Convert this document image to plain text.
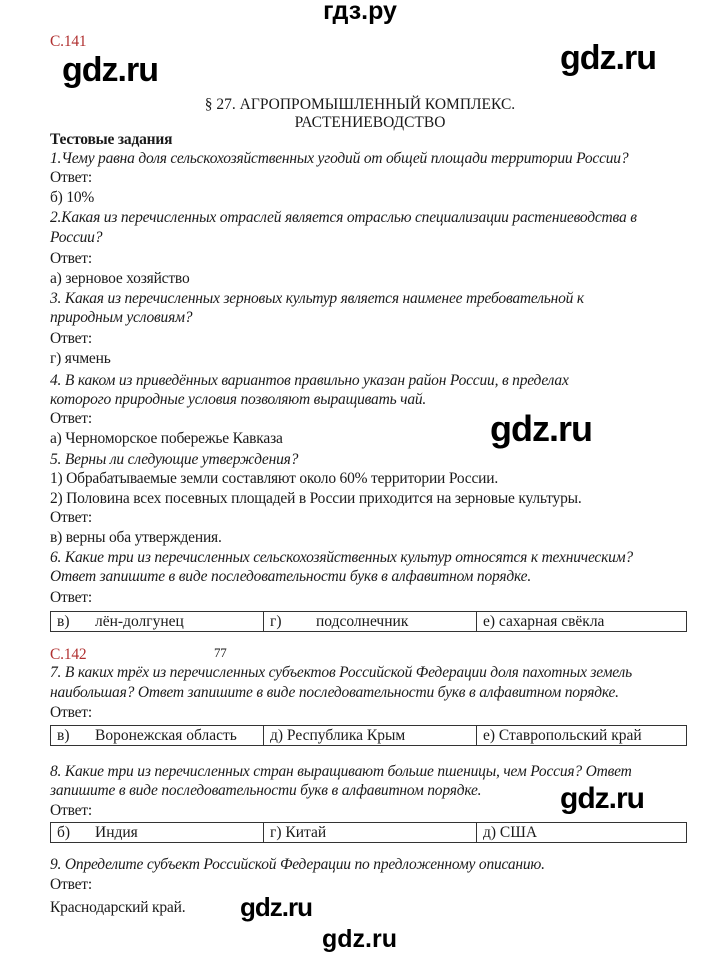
гдз.ру
С.141
§ 27. АГРОПРОМЫШЛЕННЫЙ КОМПЛЕКС.
РАСТЕНИЕВОДСТВО
Тестовые задания
1.Чему равна доля сельскохозяйственных угодий от общей площади территории России?
Ответ:
б) 10%
2.Какая из перечисленных отраслей является отраслью специализации растениеводства в
России?
Ответ:
а) зерновое хозяйство
3. Какая из перечисленных зерновых культур является наименее требовательной к
природным условиям?
Ответ:
г) ячмень
4. В каком из приведённых вариантов правильно указан район России, в пределах
которого природные условия позволяют выращивать чай.
Ответ:
а) Черноморское побережье Кавказа
5. Верны ли следующие утверждения?
1) Обрабатываемые земли составляют около 60% территории России.
2) Половина всех посевных площадей в России приходится на зерновые культуры.
Ответ:
в) верны оба утверждения.
6. Какие три из перечисленных сельскохозяйственных культур относятся к техническим?
Ответ запишите в виде последовательности букв в алфавитном порядке.
Ответ:
в) лён-долгунец	г) подсолнечник	е) сахарная свёкла
С.142	77
7. В каких трёх из перечисленных субъектов Российской Федерации доля пахотных земель
наибольшая? Ответ запишите в виде последовательности букв в алфавитном порядке.
Ответ:
в) Воронежская область	д) Республика Крым	е) Ставропольский край
8. Какие три из перечисленных стран выращивают больше пшеницы, чем Россия? Ответ
запишите в виде последовательности букв в алфавитном порядке.
Ответ:
б) Индия	г) Китай	д) США
9. Определите субъект Российской Федерации по предложенному описанию.
Ответ:
Краснодарский край.
gdz.ru	gdz.ru
gdz.ru
gdz.ru
gdz.ru
gdz.ru
